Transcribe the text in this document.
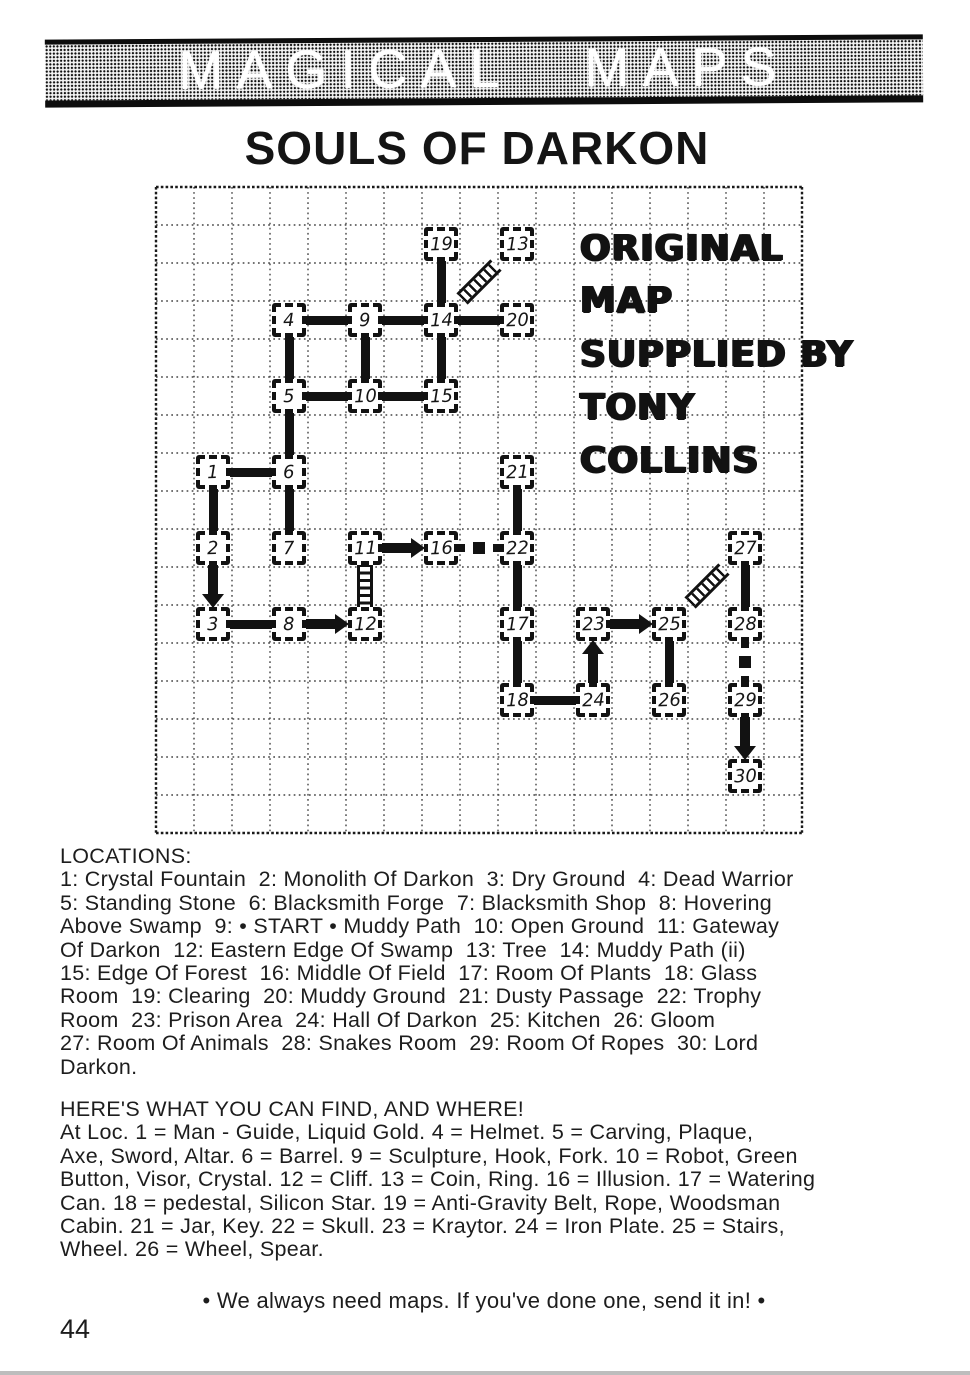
MAGICAL MAPS
SOULS OF DARKON
ORIGINAL
MAP
SUPPLIED BY
TONY
COLLINS
1
2
3
4
5
6
7
8
9
10
11
12
13
14
15
16
17
18
19
20
21
22
23
24
25
26
27
28
29
30
LOCATIONS:
1: Crystal Fountain  2: Monolith Of Darkon  3: Dry Ground  4: Dead Warrior
5: Standing Stone  6: Blacksmith Forge  7: Blacksmith Shop  8: Hovering
Above Swamp  9: • START • Muddy Path  10: Open Ground  11: Gateway
Of Darkon  12: Eastern Edge Of Swamp  13: Tree  14: Muddy Path (ii)
15: Edge Of Forest  16: Middle Of Field  17: Room Of Plants  18: Glass
Room  19: Clearing  20: Muddy Ground  21: Dusty Passage  22: Trophy
Room  23: Prison Area  24: Hall Of Darkon  25: Kitchen  26: Gloom
27: Room Of Animals  28: Snakes Room  29: Room Of Ropes  30: Lord
Darkon.
HERE'S WHAT YOU CAN FIND, AND WHERE!
At Loc. 1 = Man - Guide, Liquid Gold. 4 = Helmet. 5 = Carving, Plaque,
Axe, Sword, Altar. 6 = Barrel. 9 = Sculpture, Hook, Fork. 10 = Robot, Green
Button, Visor, Crystal. 12 = Cliff. 13 = Coin, Ring. 16 = Illusion. 17 = Watering
Can. 18 = pedestal, Silicon Star. 19 = Anti-Gravity Belt, Rope, Woodsman
Cabin. 21 = Jar, Key. 22 = Skull. 23 = Kraytor. 24 = Iron Plate. 25 = Stairs,
Wheel. 26 = Wheel, Spear.
• We always need maps. If you've done one, send it in! •
44
